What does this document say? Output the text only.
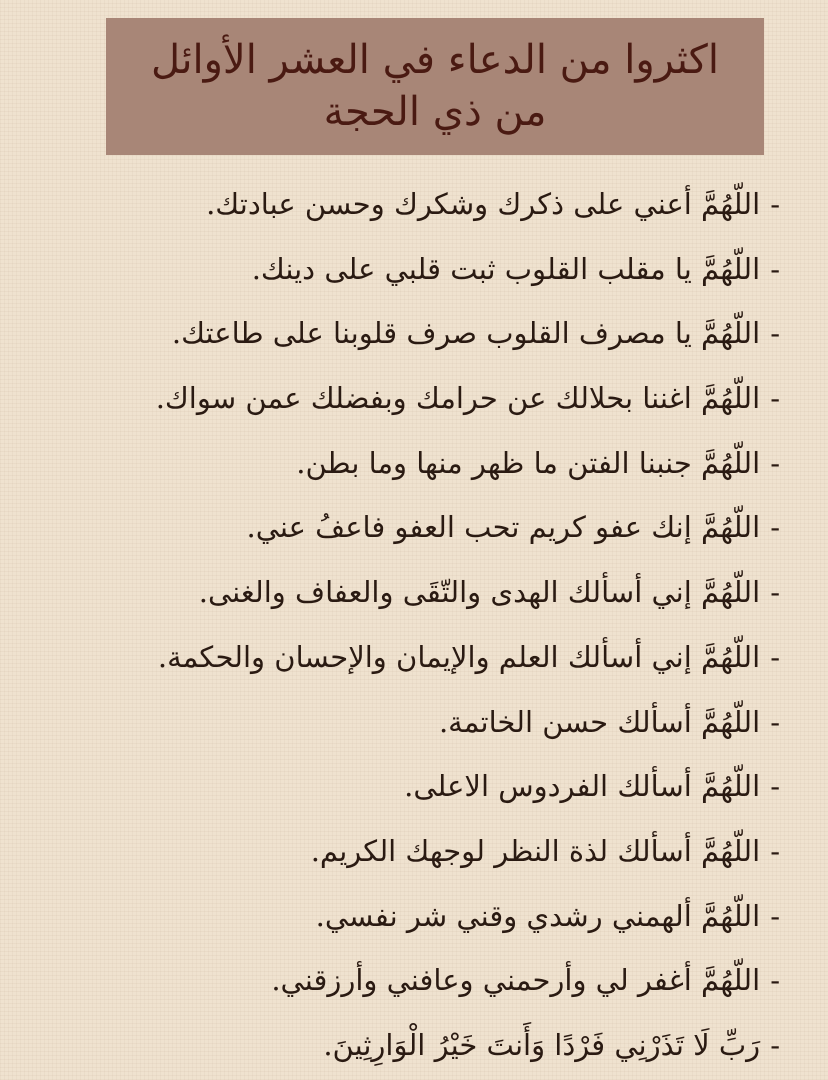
اكثروا من الدعاء في العشر الأوائل من ذي الحجة
-اللّهُمَّ أعني على ذكرك وشكرك وحسن عبادتك.
-اللّهُمَّ يا مقلب القلوب ثبت قلبي على دينك.
-اللّهُمَّ يا مصرف القلوب صرف قلوبنا على طاعتك.
-اللّهُمَّ اغننا بحلالك عن حرامك وبفضلك عمن سواك.
-اللّهُمَّ جنبنا الفتن ما ظهر منها وما بطن.
-اللّهُمَّ إنك عفو كريم تحب العفو فاعفُ عني.
-اللّهُمَّ إني أسألك الهدى والتّقَى والعفاف والغنى.
-اللّهُمَّ إني أسألك العلم والإيمان والإحسان والحكمة.
-اللّهُمَّ أسألك حسن الخاتمة.
-اللّهُمَّ أسألك الفردوس الاعلى.
-اللّهُمَّ أسألك لذة النظر لوجهك الكريم.
-اللّهُمَّ ألهمني رشدي وقني شر نفسي.
-اللّهُمَّ أغفر لي وأرحمني وعافني وأرزقني.
-رَبِّ لَا تَذَرْنِي فَرْدًا وَأَنتَ خَيْرُ الْوَارِثِينَ.
